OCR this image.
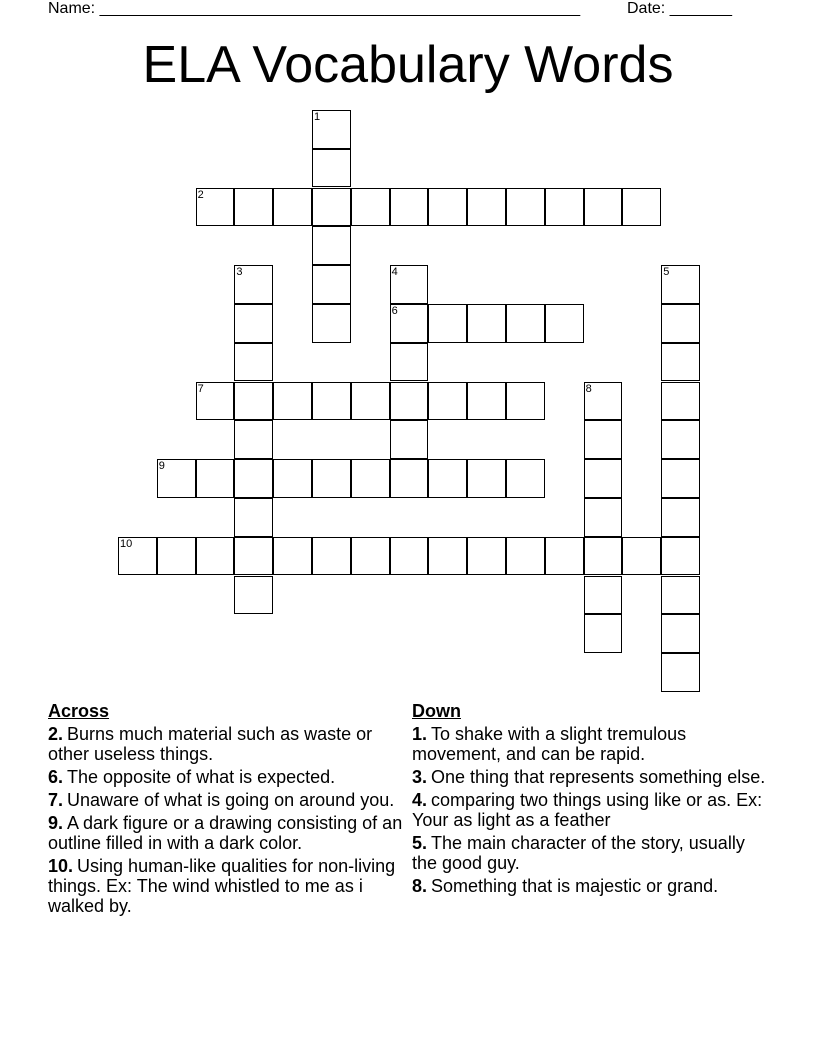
Name: ______________________________________________________	Date: _______
ELA Vocabulary Words
2
6
7
9
10
1
3	4	5
8
Across
2. Burns much material such as waste or other useless things.
6. The opposite of what is expected.
7. Unaware of what is going on around you.
9. A dark figure or a drawing consisting of an outline filled in with a dark color.
10. Using human-like qualities for non-living things. Ex: The wind whistled to me as i walked by.
Down
1. To shake with a slight tremulous movement, and can be rapid.
3. One thing that represents something else.
4. comparing two things using like or as. Ex: Your as light as a feather
5. The main character of the story, usually the good guy.
8. Something that is majestic or grand.
